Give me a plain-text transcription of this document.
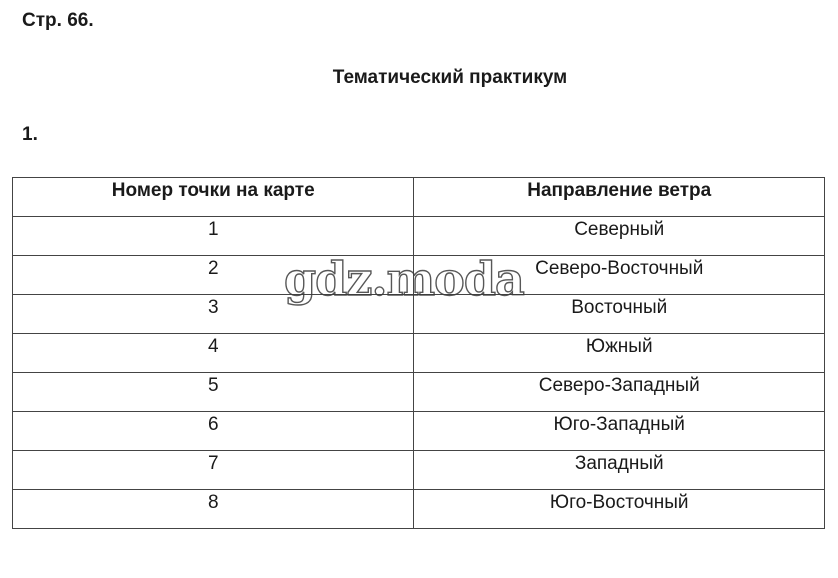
Стр. 66.
Тематический практикум
1.
Номер точки на карте	Направление ветра
1	Северный
2	Северо-Восточный
3	Восточный
4	Южный
5	Северо-Западный
6	Юго-Западный
7	Западный
8	Юго-Восточный
gdz.moda
